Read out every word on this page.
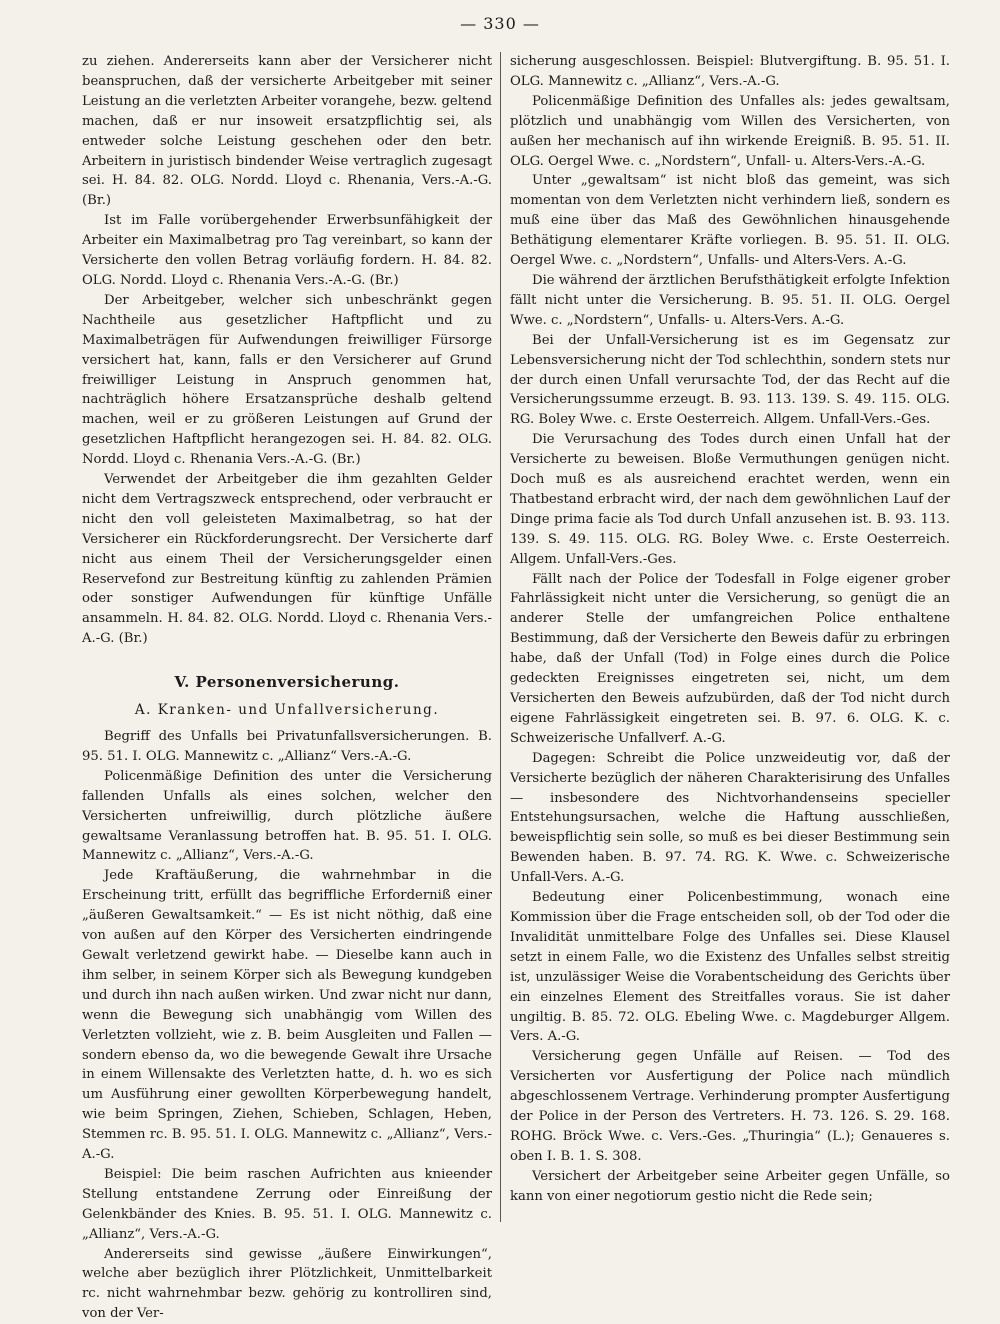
— 330 —

zu ziehen. Andererseits kann aber der Versicherer nicht beanspruchen, daß der versicherte Arbeitgeber mit seiner Leistung an die verletzten Arbeiter vorangehe, bezw. geltend machen, daß er nur insoweit ersatzpflichtig sei, als entweder solche Leistung geschehen oder den betr. Arbeitern in juristisch bindender Weise vertraglich zugesagt sei. H. 84. 82. OLG. Nordd. Lloyd c. Rhenania, Vers.-A.-G. (Br.)

Ist im Falle vorübergehender Erwerbsunfähigkeit der Arbeiter ein Maximalbetrag pro Tag vereinbart, so kann der Versicherte den vollen Betrag vorläufig fordern. H. 84. 82. OLG. Nordd. Lloyd c. Rhenania Vers.-A.-G. (Br.)

Der Arbeitgeber, welcher sich unbeschränkt gegen Nachtheile aus gesetzlicher Haftpflicht und zu Maximalbeträgen für Aufwendungen freiwilliger Fürsorge versichert hat, kann, falls er den Versicherer auf Grund freiwilliger Leistung in Anspruch genommen hat, nachträglich höhere Ersatzansprüche deshalb geltend machen, weil er zu größeren Leistungen auf Grund der gesetzlichen Haftpflicht herangezogen sei. H. 84. 82. OLG. Nordd. Lloyd c. Rhenania Vers.-A.-G. (Br.)

Verwendet der Arbeitgeber die ihm gezahlten Gelder nicht dem Vertragszweck entsprechend, oder verbraucht er nicht den voll geleisteten Maximalbetrag, so hat der Versicherer ein Rückforderungsrecht. Der Versicherte darf nicht aus einem Theil der Versicherungsgelder einen Reservefond zur Bestreitung künftig zu zahlenden Prämien oder sonstiger Aufwendungen für künftige Unfälle ansammeln. H. 84. 82. OLG. Nordd. Lloyd c. Rhenania Vers.-A.-G. (Br.)

V. Personenversicherung.
A. Kranken- und Unfallversicherung.

Begriff des Unfalls bei Privatunfallsversicherungen. B. 95. 51. I. OLG. Mannewitz c. „Allianz“ Vers.-A.-G.

Policenmäßige Definition des unter die Versicherung fallenden Unfalls als eines solchen, welcher den Versicherten unfreiwillig, durch plötzliche äußere gewaltsame Veranlassung betroffen hat. B. 95. 51. I. OLG. Mannewitz c. „Allianz“, Vers.-A.-G.

Jede Kraftäußerung, die wahrnehmbar in die Erscheinung tritt, erfüllt das begriffliche Erforderniß einer „äußeren Gewaltsamkeit.“ — Es ist nicht nöthig, daß eine von außen auf den Körper des Versicherten eindringende Gewalt verletzend gewirkt habe. — Dieselbe kann auch in ihm selber, in seinem Körper sich als Bewegung kundgeben und durch ihn nach außen wirken. Und zwar nicht nur dann, wenn die Bewegung sich unabhängig vom Willen des Verletzten vollzieht, wie z. B. beim Ausgleiten und Fallen — sondern ebenso da, wo die bewegende Gewalt ihre Ursache in einem Willensakte des Verletzten hatte, d. h. wo es sich um Ausführung einer gewollten Körperbewegung handelt, wie beim Springen, Ziehen, Schieben, Schlagen, Heben, Stemmen rc. B. 95. 51. I. OLG. Mannewitz c. „Allianz“, Vers.-A.-G.

Beispiel: Die beim raschen Aufrichten aus knieender Stellung entstandene Zerrung oder Einreißung der Gelenkbänder des Knies. B. 95. 51. I. OLG. Mannewitz c. „Allianz“, Vers.-A.-G.

Andererseits sind gewisse „äußere Einwirkungen“, welche aber bezüglich ihrer Plötzlichkeit, Unmittelbarkeit rc. nicht wahrnehmbar bezw. gehörig zu kontrolliren sind, von der Ver-

sicherung ausgeschlossen. Beispiel: Blutvergiftung. B. 95. 51. I. OLG. Mannewitz c. „Allianz“, Vers.-A.-G.

Policenmäßige Definition des Unfalles als: jedes gewaltsam, plötzlich und unabhängig vom Willen des Versicherten, von außen her mechanisch auf ihn wirkende Ereigniß. B. 95. 51. II. OLG. Oergel Wwe. c. „Nordstern“, Unfall- u. Alters-Vers.-A.-G.

Unter „gewaltsam“ ist nicht bloß das gemeint, was sich momentan von dem Verletzten nicht verhindern ließ, sondern es muß eine über das Maß des Gewöhnlichen hinausgehende Bethätigung elementarer Kräfte vorliegen. B. 95. 51. II. OLG. Oergel Wwe. c. „Nordstern“, Unfalls- und Alters-Vers. A.-G.

Die während der ärztlichen Berufsthätigkeit erfolgte Infektion fällt nicht unter die Versicherung. B. 95. 51. II. OLG. Oergel Wwe. c. „Nordstern“, Unfalls- u. Alters-Vers. A.-G.

Bei der Unfall-Versicherung ist es im Gegensatz zur Lebensversicherung nicht der Tod schlechthin, sondern stets nur der durch einen Unfall verursachte Tod, der das Recht auf die Versicherungssumme erzeugt. B. 93. 113. 139. S. 49. 115. OLG. RG. Boley Wwe. c. Erste Oesterreich. Allgem. Unfall-Vers.-Ges.

Die Verursachung des Todes durch einen Unfall hat der Versicherte zu beweisen. Bloße Vermuthungen genügen nicht. Doch muß es als ausreichend erachtet werden, wenn ein Thatbestand erbracht wird, der nach dem gewöhnlichen Lauf der Dinge prima facie als Tod durch Unfall anzusehen ist. B. 93. 113. 139. S. 49. 115. OLG. RG. Boley Wwe. c. Erste Oesterreich. Allgem. Unfall-Vers.-Ges.

Fällt nach der Police der Todesfall in Folge eigener grober Fahrlässigkeit nicht unter die Versicherung, so genügt die an anderer Stelle der umfangreichen Police enthaltene Bestimmung, daß der Versicherte den Beweis dafür zu erbringen habe, daß der Unfall (Tod) in Folge eines durch die Police gedeckten Ereignisses eingetreten sei, nicht, um dem Versicherten den Beweis aufzubürden, daß der Tod nicht durch eigene Fahrlässigkeit eingetreten sei. B. 97. 6. OLG. K. c. Schweizerische Unfallverf. A.-G.

Dagegen: Schreibt die Police unzweideutig vor, daß der Versicherte bezüglich der näheren Charakterisirung des Unfalles — insbesondere des Nichtvorhandenseins specieller Entstehungsursachen, welche die Haftung ausschließen, beweispflichtig sein solle, so muß es bei dieser Bestimmung sein Bewenden haben. B. 97. 74. RG. K. Wwe. c. Schweizerische Unfall-Vers. A.-G.

Bedeutung einer Policenbestimmung, wonach eine Kommission über die Frage entscheiden soll, ob der Tod oder die Invalidität unmittelbare Folge des Unfalles sei. Diese Klausel setzt in einem Falle, wo die Existenz des Unfalles selbst streitig ist, unzulässiger Weise die Vorabentscheidung des Gerichts über ein einzelnes Element des Streitfalles voraus. Sie ist daher ungiltig. B. 85. 72. OLG. Ebeling Wwe. c. Magdeburger Allgem. Vers. A.-G.

Versicherung gegen Unfälle auf Reisen. — Tod des Versicherten vor Ausfertigung der Police nach mündlich abgeschlossenem Vertrage. Verhinderung prompter Ausfertigung der Police in der Person des Vertreters. H. 73. 126. S. 29. 168. ROHG. Bröck Wwe. c. Vers.-Ges. „Thuringia“ (L.); Genaueres s. oben I. B. 1. S. 308.

Versichert der Arbeitgeber seine Arbeiter gegen Unfälle, so kann von einer negotiorum gestio nicht die Rede sein;
